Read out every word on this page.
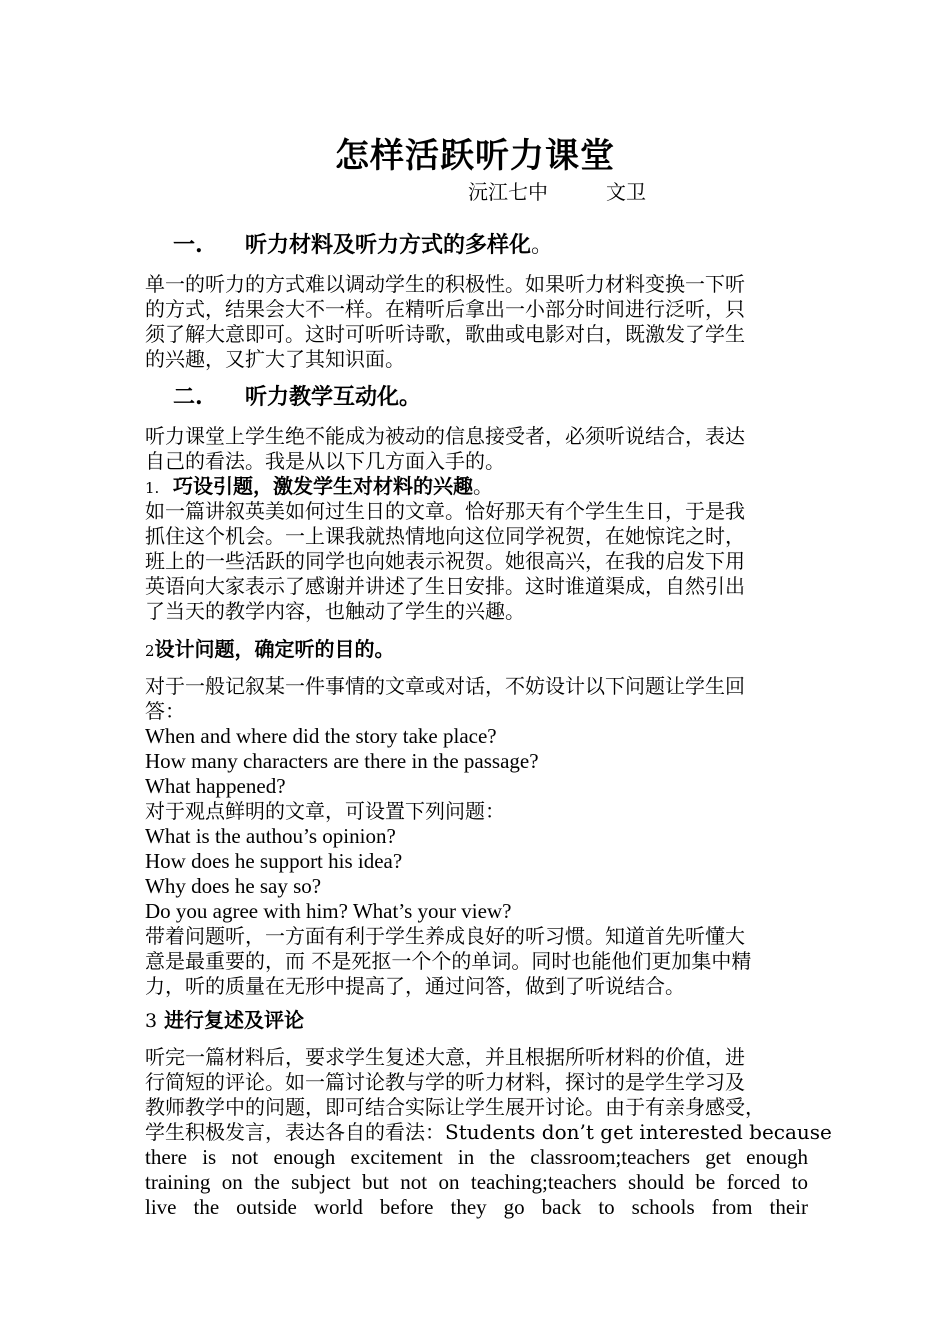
怎样活跃听力课堂
沅江七中	文卫
一. 听力材料及听力方式的多样化。
单一的听力的方式难以调动学生的积极性。如果听力材料变换一下听
的方式，结果会大不一样。在精听后拿出一小部分时间进行泛听，只
须了解大意即可。这时可听听诗歌，歌曲或电影对白，既激发了学生
的兴趣，又扩大了其知识面。
二. 听力教学互动化。
听力课堂上学生绝不能成为被动的信息接受者，必须听说结合，表达
自己的看法。我是从以下几方面入手的。
1. 巧设引题，激发学生对材料的兴趣。
如一篇讲叙英美如何过生日的文章。恰好那天有个学生生日，于是我
抓住这个机会。一上课我就热情地向这位同学祝贺，在她惊诧之时，
班上的一些活跃的同学也向她表示祝贺。她很高兴，在我的启发下用
英语向大家表示了感谢并讲述了生日安排。这时谁道渠成，自然引出
了当天的教学内容，也触动了学生的兴趣。
2设计问题，确定听的目的。
对于一般记叙某一件事情的文章或对话，不妨设计以下问题让学生回
答：
When and where did the story take place?
How many characters are there in the passage?
What happened?
对于观点鲜明的文章，可设置下列问题：
What is the authou’s opinion?
How does he support his idea?
Why does he say so?
Do you agree with him? What’s your view?
带着问题听，一方面有利于学生养成良好的听习惯。知道首先听懂大
意是最重要的，而 不是死抠一个个的单词。同时也能他们更加集中精
力，听的质量在无形中提高了，通过问答，做到了听说结合。
3 进行复述及评论
听完一篇材料后，要求学生复述大意，并且根据所听材料的价值，进
行简短的评论。如一篇讨论教与学的听力材料，探讨的是学生学习及
教师教学中的问题，即可结合实际让学生展开讨论。由于有亲身感受，
学生积极发言，表达各自的看法：Students don’t get interested because
there is not enough excitement in the classroom;teachers get enough
training on the subject but not on teaching;teachers should be forced to
live the outside world before they go back to schools from their
